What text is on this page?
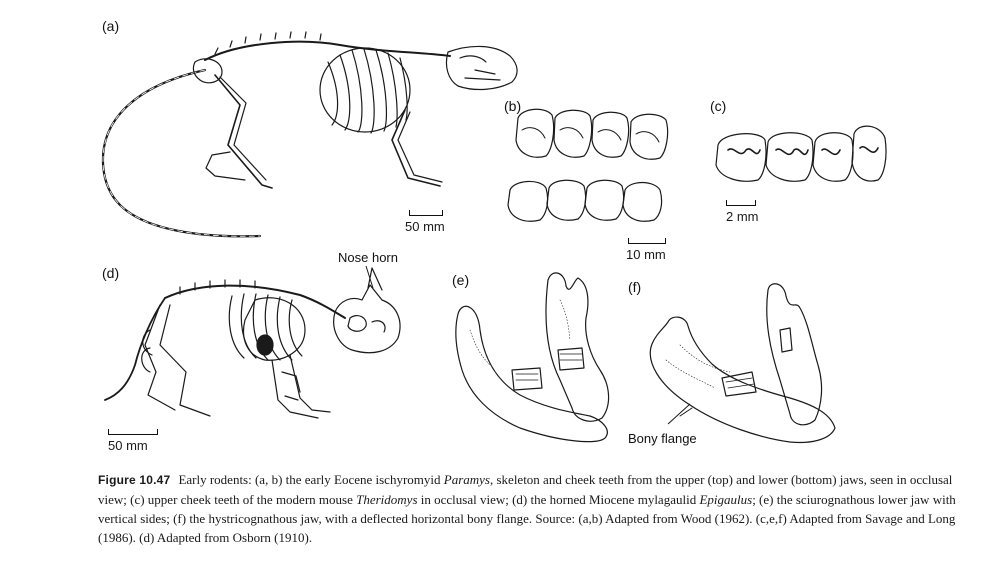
(a)
(b)	(c)
(d)	(e)	(f)
Nose horn
Bony flange
50 mm
10 mm
2 mm
50 mm
Figure 10.47 Early rodents: (a, b) the early Eocene ischyromyid Paramys, skeleton and cheek teeth from the upper (top) and lower (bottom) jaws, seen in occlusal view; (c) upper cheek teeth of the modern mouse Theridomys in occlusal view; (d) the horned Miocene mylagaulid Epigaulus; (e) the sciurognathous lower jaw with vertical sides; (f) the hystricognathous jaw, with a deflected horizontal bony flange. Source: (a,b) Adapted from Wood (1962). (c,e,f) Adapted from Savage and Long (1986). (d) Adapted from Osborn (1910).
